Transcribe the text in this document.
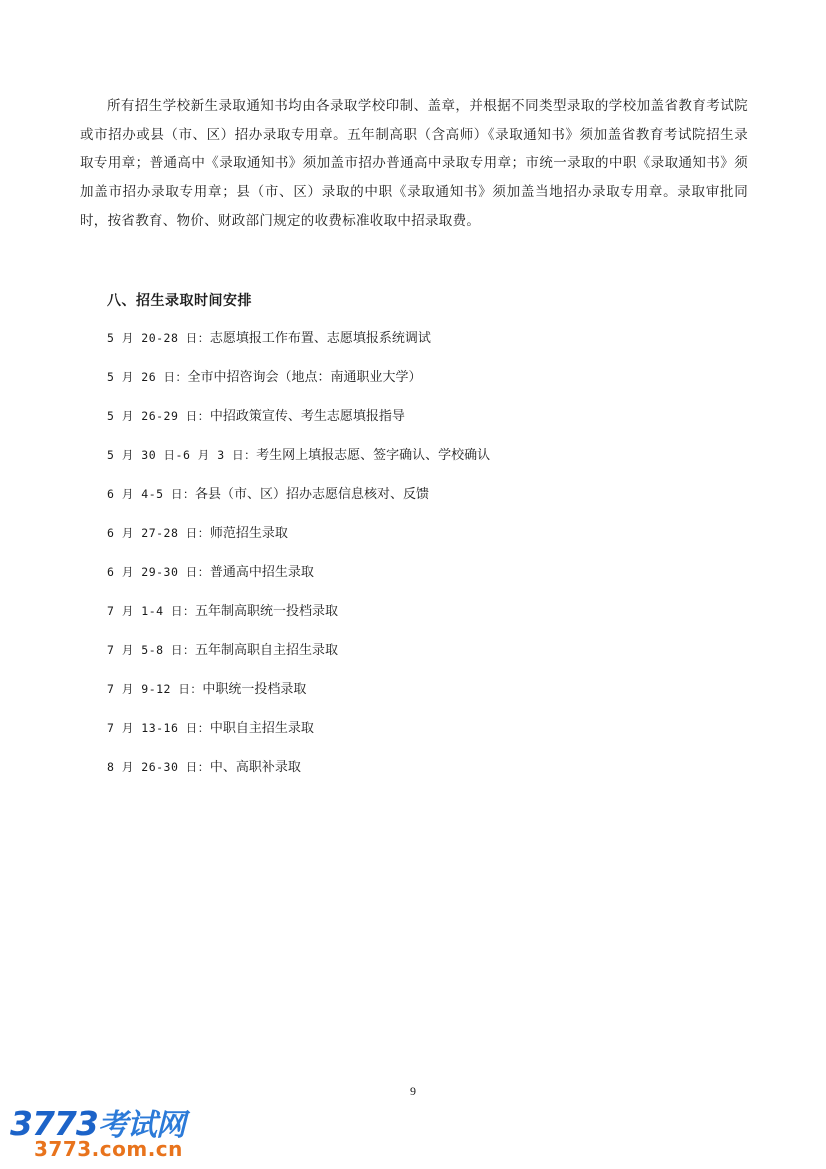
所有招生学校新生录取通知书均由各录取学校印制、盖章，并根据不同类型录取的学校加盖省教育考试院或市招办或县（市、区）招办录取专用章。五年制高职（含高师）《录取通知书》须加盖省教育考试院招生录取专用章；普通高中《录取通知书》须加盖市招办普通高中录取专用章；市统一录取的中职《录取通知书》须加盖市招办录取专用章；县（市、区）录取的中职《录取通知书》须加盖当地招办录取专用章。录取审批同时，按省教育、物价、财政部门规定的收费标准收取中招录取费。

八、招生录取时间安排
5 月 20-28 日：志愿填报工作布置、志愿填报系统调试
5 月 26 日：全市中招咨询会（地点：南通职业大学）
5 月 26-29 日：中招政策宣传、考生志愿填报指导
5 月 30 日-6 月 3 日：考生网上填报志愿、签字确认、学校确认
6 月 4-5 日：各县（市、区）招办志愿信息核对、反馈
6 月 27-28 日：师范招生录取
6 月 29-30 日：普通高中招生录取
7 月 1-4 日：五年制高职统一投档录取
7 月 5-8 日：五年制高职自主招生录取
7 月 9-12 日：中职统一投档录取
7 月 13-16 日：中职自主招生录取
8 月 26-30 日：中、高职补录取
9
3773考试网
3773.com.cn
